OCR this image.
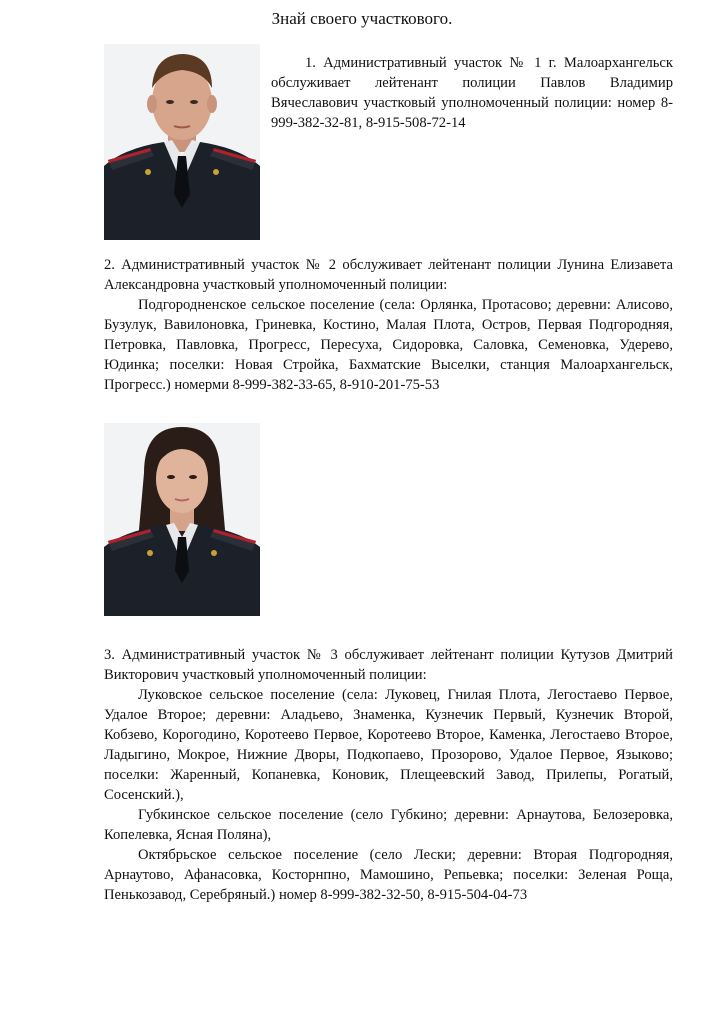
Знай своего участкового.

1. Административный участок № 1 г. Малоархангельск обслуживает лейтенант полиции Павлов Владимир Вячеславович участковый уполномоченный полиции: номер 8-999-382-32-81, 8-915-508-72-14

2. Административный участок № 2 обслуживает лейтенант полиции Лунина Елизавета Александровна участковый уполномоченный полиции:

Подгородненское сельское поселение (села: Орлянка, Протасово; деревни: Алисово, Бузулук, Вавилоновка, Гриневка, Костино, Малая Плота, Остров, Первая Подгородняя, Петровка, Павловка, Прогресс, Пересуха, Сидоровка, Саловка, Семеновка, Удерево, Юдинка; поселки: Новая Стройка, Бахматские Выселки, станция Малоархангельск, Прогресс.) номерми 8-999-382-33-65, 8-910-201-75-53

3. Административный участок № 3 обслуживает лейтенант полиции Кутузов Дмитрий Викторович участковый уполномоченный полиции:

Луковское сельское поселение (села: Луковец, Гнилая Плота, Легостаево Первое, Удалое Второе; деревни: Аладьево, Знаменка, Кузнечик Первый, Кузнечик Второй, Кобзево, Корогодино, Коротеево Первое, Коротеево Второе, Каменка, Легостаево Второе, Ладыгино, Мокрое, Нижние Дворы, Подкопаево, Прозорово, Удалое Первое, Языково; поселки: Жаренный, Копаневка, Коновик, Плещеевский Завод, Прилепы, Рогатый, Сосенский.),

Губкинское сельское поселение (село Губкино; деревни: Арнаутова, Белозеровка, Копелевка, Ясная Поляна),

Октябрьское сельское поселение (село Лески; деревни: Вторая Подгородняя, Арнаутово, Афанасовка, Косторнпно, Мамошино, Репьевка; поселки: Зеленая Роща, Пенькозавод, Серебряный.) номер 8-999-382-32-50, 8-915-504-04-73
